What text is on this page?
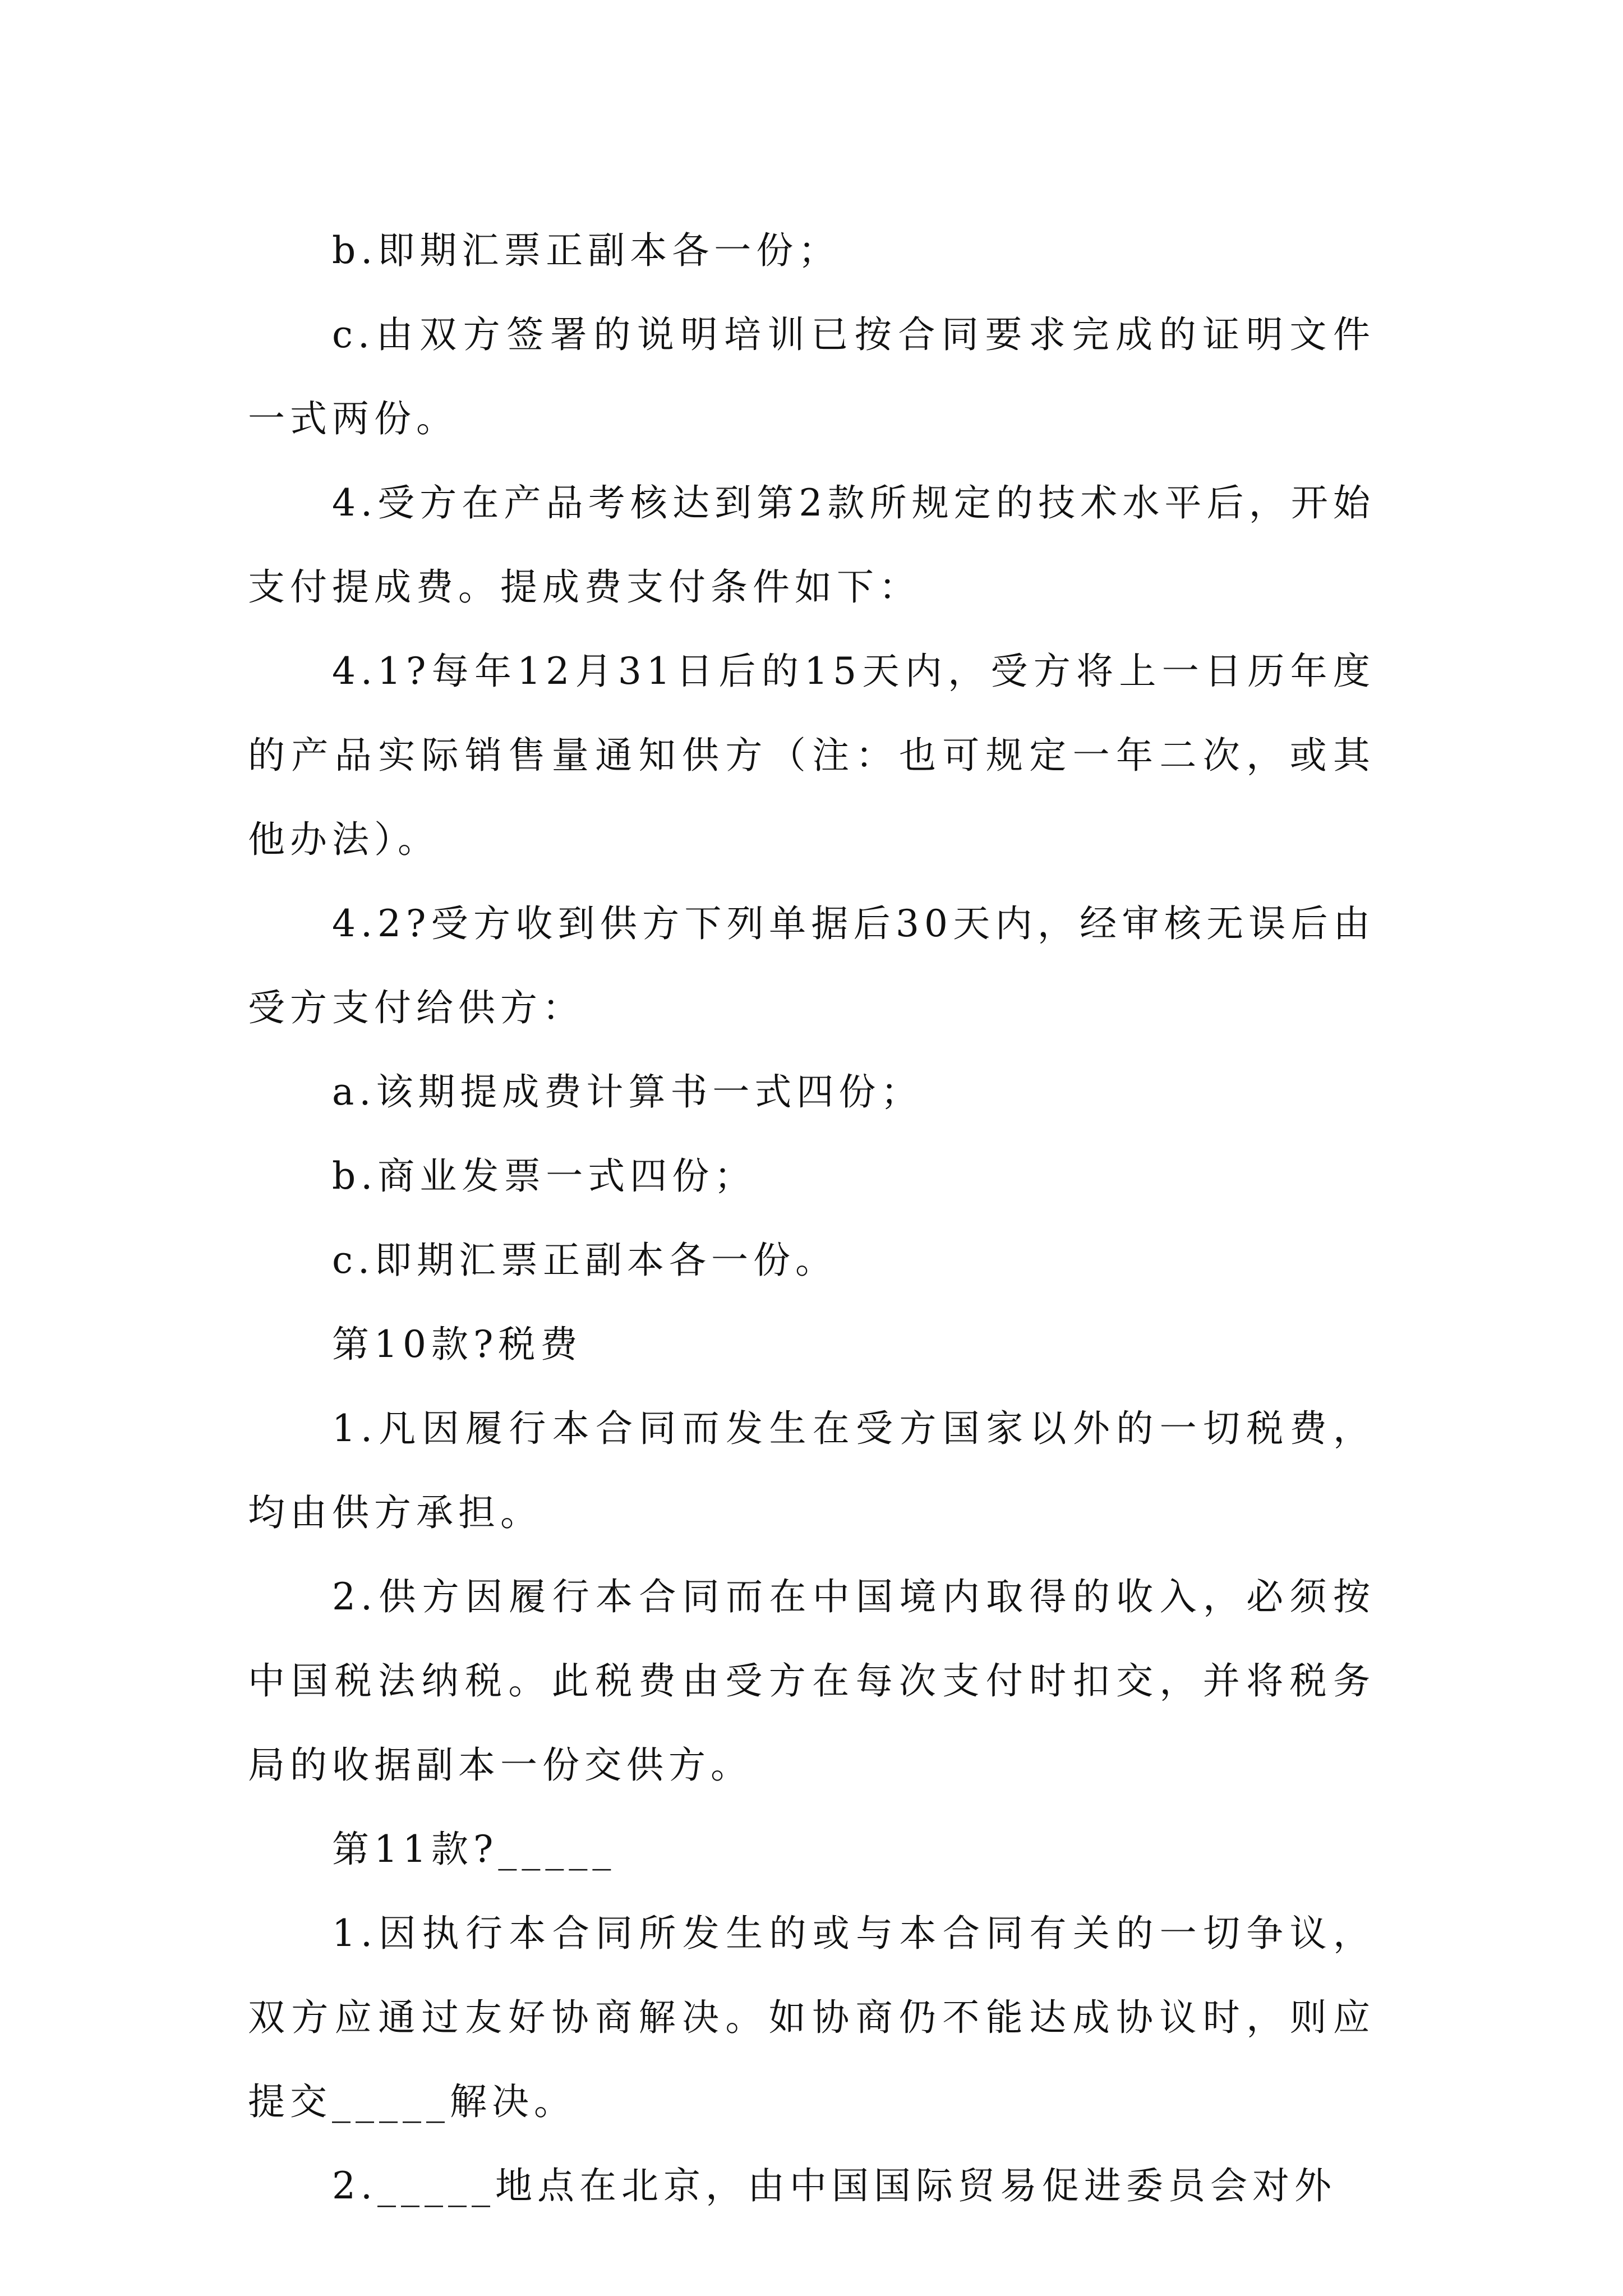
b.即期汇票正副本各一份；

c.由双方签署的说明培训已按合同要求完成的证明文件一式两份。

4.受方在产品考核达到第2款所规定的技术水平后，开始支付提成费。提成费支付条件如下：

4.1?每年12月31日后的15天内，受方将上一日历年度的产品实际销售量通知供方（注：也可规定一年二次，或其他办法）。

4.2?受方收到供方下列单据后30天内，经审核无误后由受方支付给供方：

a.该期提成费计算书一式四份；

b.商业发票一式四份；

c.即期汇票正副本各一份。

第10款?税费

1.凡因履行本合同而发生在受方国家以外的一切税费，均由供方承担。

2.供方因履行本合同而在中国境内取得的收入，必须按中国税法纳税。此税费由受方在每次支付时扣交，并将税务局的收据副本一份交供方。

第11款?_____

1.因执行本合同所发生的或与本合同有关的一切争议，双方应通过友好协商解决。如协商仍不能达成协议时，则应提交_____解决。

2._____地点在北京，由中国国际贸易促进委员会对外
